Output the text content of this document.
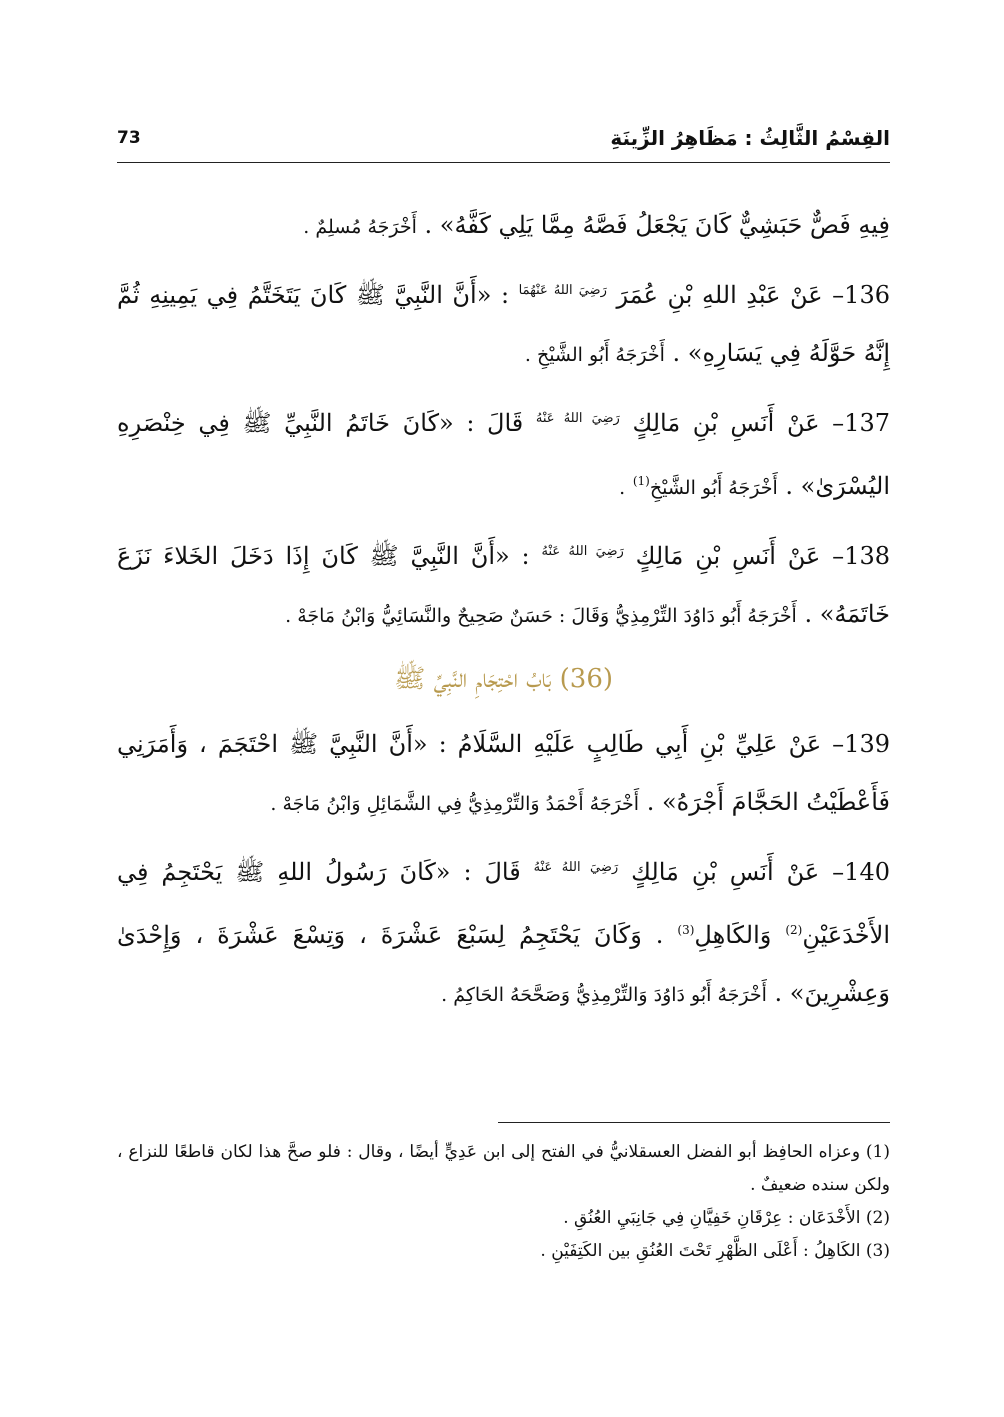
القِسْمُ الثَّالِثُ : مَظَاهِرُ الزِّينَةِ
73

فِيهِ فَصٌّ حَبَشِيٌّ كَانَ يَجْعَلُ فَصَّهُ مِمَّا يَلِي كَفَّهُ» . أَخْرَجَهُ مُسلِمٌ .

136– عَنْ عَبْدِ اللهِ بْنِ عُمَرَ $^{رَضِيَ اللهُ عَنْهُمَا}$ : «أَنَّ النَّبِيَّ ﷺ كَانَ يَتَخَتَّمُ فِي يَمِينِهِ ثُمَّ إِنَّهُ حَوَّلَهُ فِي يَسَارِهِ» . أَخْرَجَهُ أَبُو الشَّيْخِ .

137– عَنْ أَنَسِ بْنِ مَالِكٍ $^{رَضِيَ اللهُ عَنْهُ}$ قَالَ : «كَانَ خَاتَمُ النَّبِيِّ ﷺ فِي خِنْصَرِهِ اليُسْرَىٰ» . أَخْرَجَهُ أَبُو الشَّيْخِ$^{(1)}$ .

138– عَنْ أَنَسِ بْنِ مَالِكٍ $^{رَضِيَ اللهُ عَنْهُ}$ : «أَنَّ النَّبِيَّ ﷺ كَانَ إِذَا دَخَلَ الخَلاءَ نَزَعَ خَاتَمَهُ» . أَخْرَجَهُ أَبُو دَاوُدَ التِّرْمِذِيُّ وَقَالَ : حَسَنٌ صَحِيحٌ والنَّسَائِيُّ وَابْنُ مَاجَهْ .

(36) بَابُ احْتِجَامِ النَّبِيِّ ﷺ

139– عَنْ عَلِيِّ بْنِ أَبِي طَالِبٍ عَلَيْهِ السَّلَامُ : «أَنَّ النَّبِيَّ ﷺ احْتَجَمَ ، وَأَمَرَنِي فَأَعْطَيْتُ الحَجَّامَ أَجْرَهُ» . أَخْرَجَهُ أَحْمَدُ وَالتِّرْمِذِيُّ فِي الشَّمَائِلِ وَابْنُ مَاجَهْ .

140– عَنْ أَنَسِ بْنِ مَالِكٍ $^{رَضِيَ اللهُ عَنْهُ}$ قَالَ : «كَانَ رَسُولُ اللهِ ﷺ يَحْتَجِمُ فِي الأَخْدَعَيْنِ$^{(2)}$ وَالكَاهِلِ$^{(3)}$ . وَكَانَ يَحْتَجِمُ لِسَبْعَ عَشْرَةَ ، وَتِسْعَ عَشْرَةَ ، وَإِحْدَىٰ وَعِشْرِينَ» . أَخْرَجَهُ أَبُو دَاوُدَ وَالتِّرْمِذِيُّ وَصَحَّحَهُ الحَاكِمُ .

(1) وعزاه الحافِظ أبو الفضل العسقلانيُّ في الفتح إلى ابن عَدِيٍّ أيضًا ، وقال : فلو صحَّ هذا لكان قاطعًا للنزاع ، ولكن سنده ضعيفٌ .

(2) الأَخْدَعَان : عِرْقَانِ خَفِيَّانِ فِي جَانِبَيِ العُنُقِ .

(3) الكَاهِلُ : أَعْلَى الظَّهْرِ تَحْتَ العُنُقِ بين الكَتِفَيْنِ .
